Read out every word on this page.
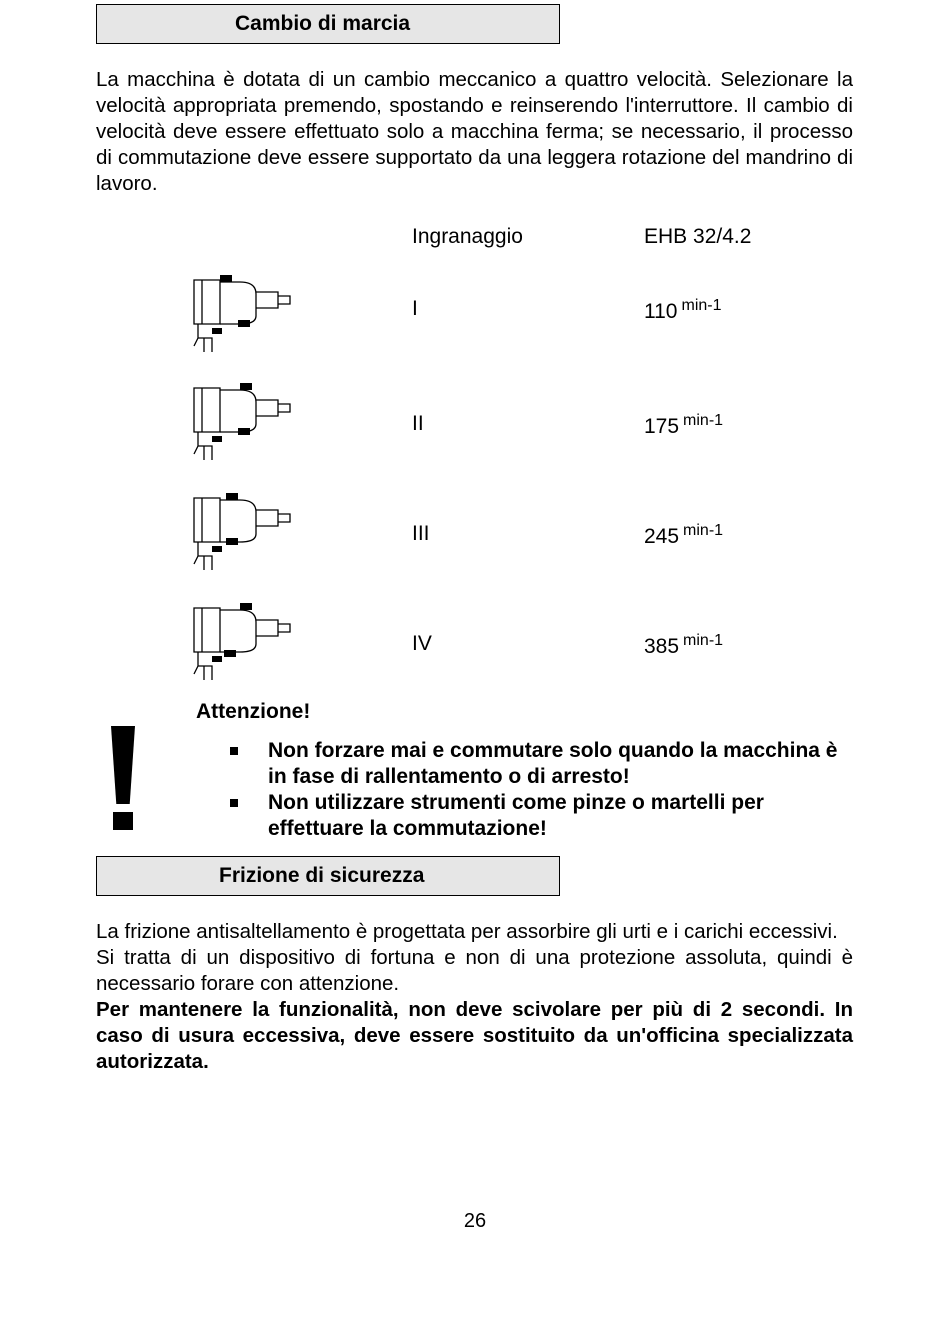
Cambio di marcia

La macchina è dotata di un cambio meccanico a quattro velocità. Selezionare la velocità appropriata premendo, spostando e reinserendo l'interruttore. Il cambio di velocità deve essere effettuato solo a macchina ferma; se necessario, il processo di commutazione deve essere supportato da una leggera rotazione del mandrino di lavoro.

Ingranaggio	EHB 32/4.2
I	110 $^{min-1}$
II	175 $^{min-1}$
III	245 $^{min-1}$
IV	385 $^{min-1}$
Attenzione!
Non forzare mai e commutare solo quando la macchina è in fase di rallentamento o di arresto!
Non utilizzare strumenti come pinze o martelli per effettuare la commutazione!
Frizione di sicurezza

La frizione antisaltellamento è progettata per assorbire gli urti e i carichi eccessivi.

Si tratta di un dispositivo di fortuna e non di una protezione assoluta, quindi è necessario forare con attenzione.

Per mantenere la funzionalità, non deve scivolare per più di 2 secondi. In caso di usura eccessiva, deve essere sostituito da un'officina specializzata autorizzata.

26
